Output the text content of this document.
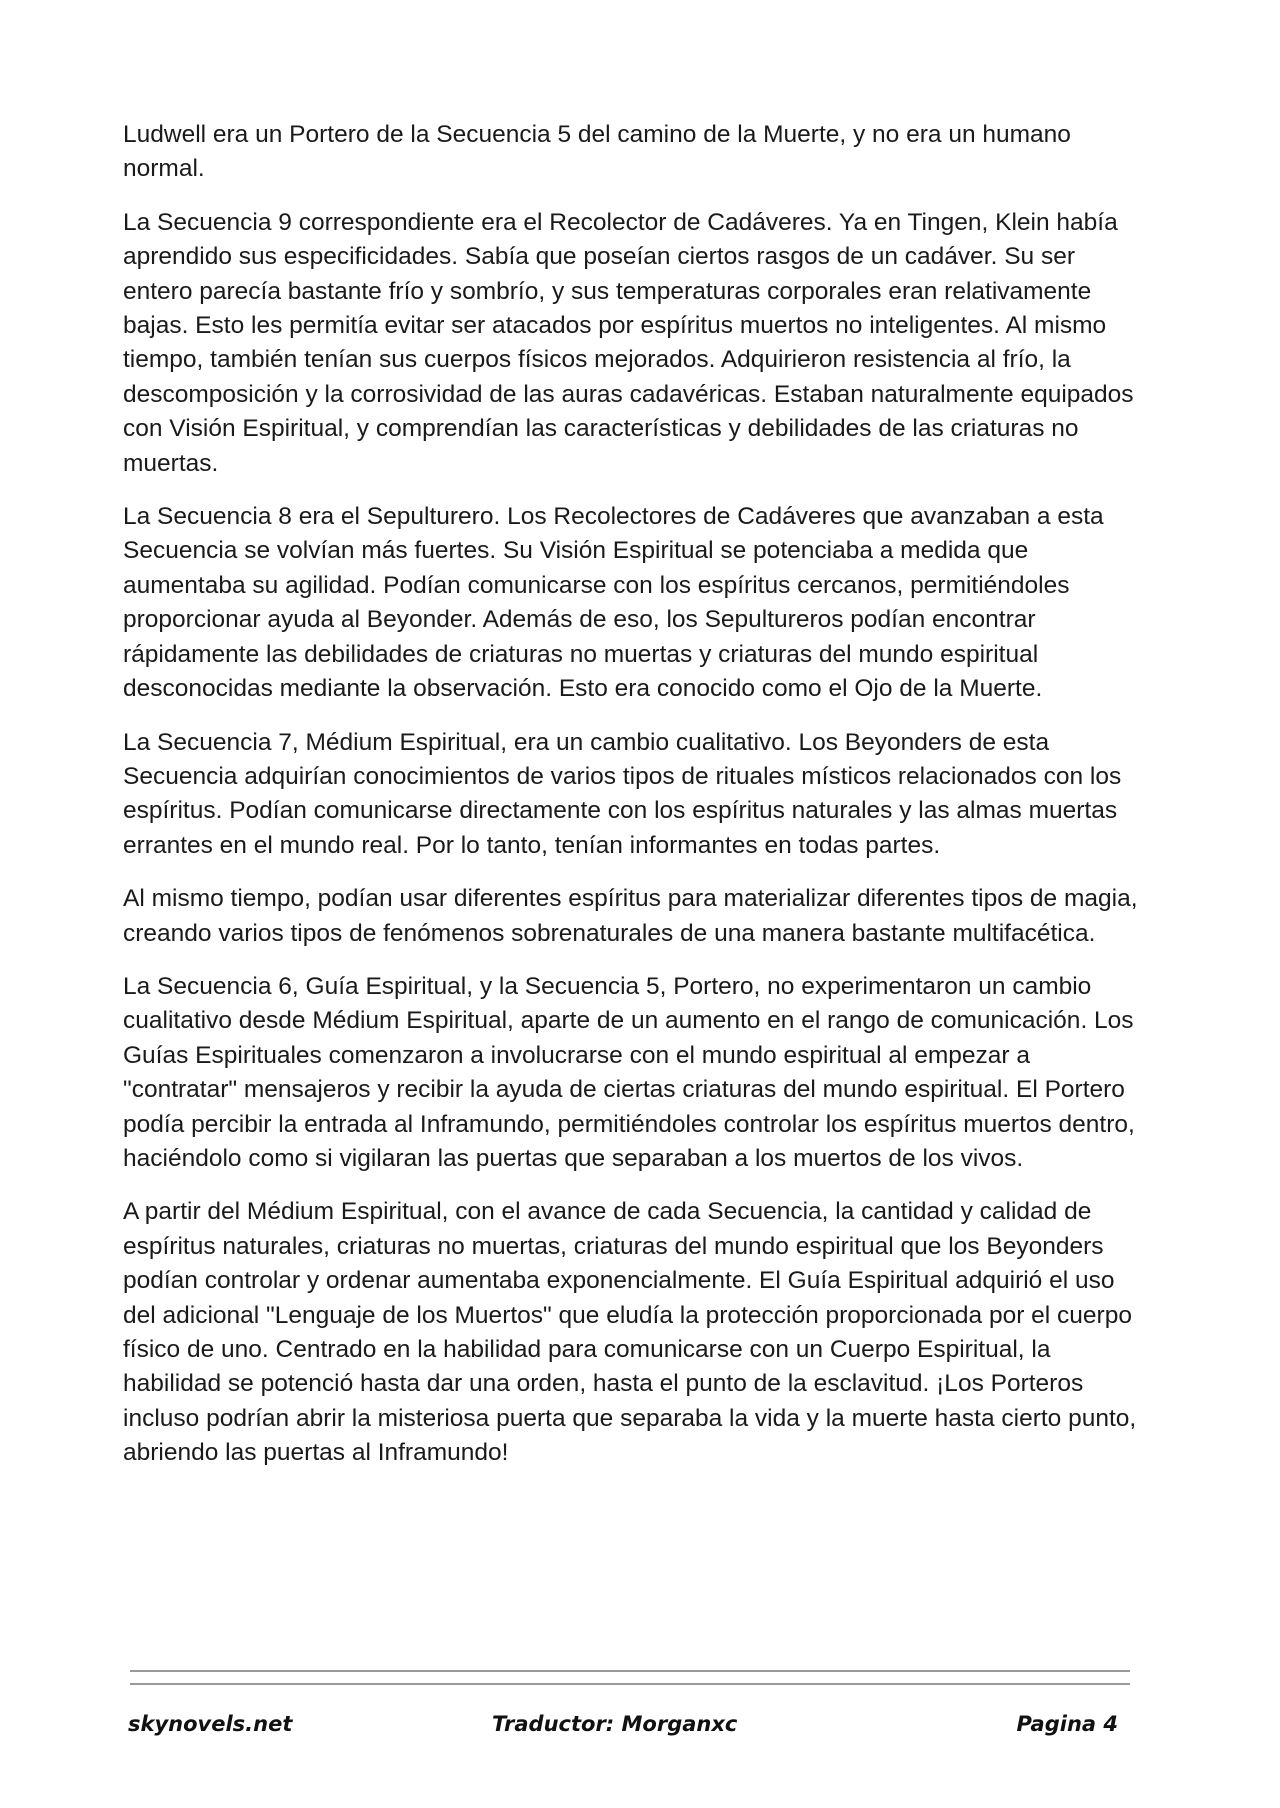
Ludwell era un Portero de la Secuencia 5 del camino de la Muerte, y no era un humano normal.

La Secuencia 9 correspondiente era el Recolector de Cadáveres. Ya en Tingen, Klein había aprendido sus especificidades. Sabía que poseían ciertos rasgos de un cadáver. Su ser entero parecía bastante frío y sombrío, y sus temperaturas corporales eran relativamente bajas. Esto les permitía evitar ser atacados por espíritus muertos no inteligentes. Al mismo tiempo, también tenían sus cuerpos físicos mejorados. Adquirieron resistencia al frío, la descomposición y la corrosividad de las auras cadavéricas. Estaban naturalmente equipados con Visión Espiritual, y comprendían las características y debilidades de las criaturas no muertas.

La Secuencia 8 era el Sepulturero. Los Recolectores de Cadáveres que avanzaban a esta Secuencia se volvían más fuertes. Su Visión Espiritual se potenciaba a medida que aumentaba su agilidad. Podían comunicarse con los espíritus cercanos, permitiéndoles proporcionar ayuda al Beyonder. Además de eso, los Sepultureros podían encontrar rápidamente las debilidades de criaturas no muertas y criaturas del mundo espiritual desconocidas mediante la observación. Esto era conocido como el Ojo de la Muerte.

La Secuencia 7, Médium Espiritual, era un cambio cualitativo. Los Beyonders de esta Secuencia adquirían conocimientos de varios tipos de rituales místicos relacionados con los espíritus. Podían comunicarse directamente con los espíritus naturales y las almas muertas errantes en el mundo real. Por lo tanto, tenían informantes en todas partes.

Al mismo tiempo, podían usar diferentes espíritus para materializar diferentes tipos de magia, creando varios tipos de fenómenos sobrenaturales de una manera bastante multifacética.

La Secuencia 6, Guía Espiritual, y la Secuencia 5, Portero, no experimentaron un cambio cualitativo desde Médium Espiritual, aparte de un aumento en el rango de comunicación. Los Guías Espirituales comenzaron a involucrarse con el mundo espiritual al empezar a "contratar" mensajeros y recibir la ayuda de ciertas criaturas del mundo espiritual. El Portero podía percibir la entrada al Inframundo, permitiéndoles controlar los espíritus muertos dentro, haciéndolo como si vigilaran las puertas que separaban a los muertos de los vivos.

A partir del Médium Espiritual, con el avance de cada Secuencia, la cantidad y calidad de espíritus naturales, criaturas no muertas, criaturas del mundo espiritual que los Beyonders podían controlar y ordenar aumentaba exponencialmente. El Guía Espiritual adquirió el uso del adicional "Lenguaje de los Muertos" que eludía la protección proporcionada por el cuerpo físico de uno. Centrado en la habilidad para comunicarse con un Cuerpo Espiritual, la habilidad se potenció hasta dar una orden, hasta el punto de la esclavitud. ¡Los Porteros incluso podrían abrir la misteriosa puerta que separaba la vida y la muerte hasta cierto punto, abriendo las puertas al Inframundo!

skynovels.net	Traductor: Morganxc	Pagina 4
